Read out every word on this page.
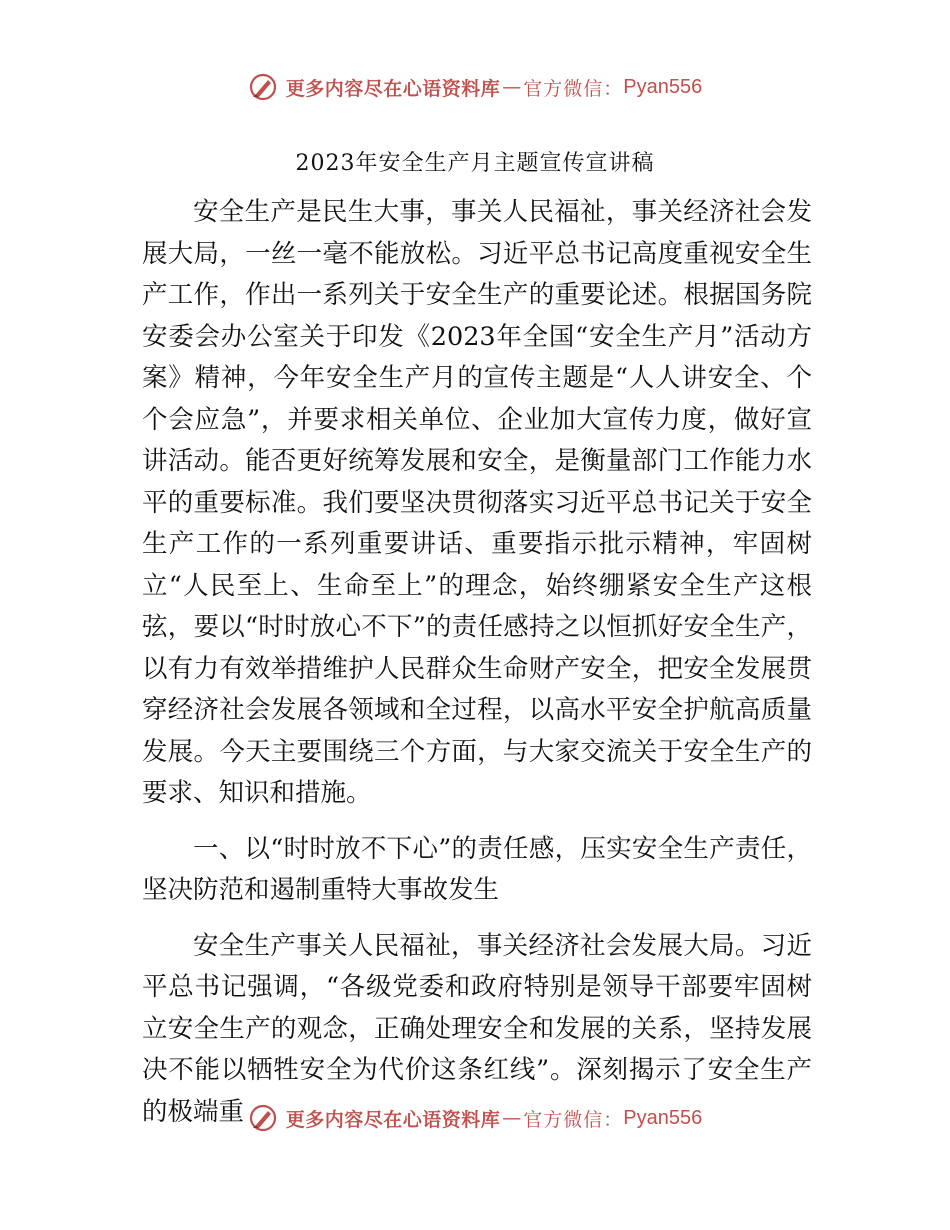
更多内容尽在心语资料库 — 官方微信： Pyan556
2023年安全生产月主题宣传宣讲稿

安全生产是民生大事，事关人民福祉，事关经济社会发展大局，一丝一毫不能放松。习近平总书记高度重视安全生产工作，作出一系列关于安全生产的重要论述。根据国务院安委会办公室关于印发《2023年全国“安全生产月”活动方案》精神，今年安全生产月的宣传主题是“人人讲安全、个个会应急”，并要求相关单位、企业加大宣传力度，做好宣讲活动。能否更好统筹发展和安全，是衡量部门工作能力水平的重要标准。我们要坚决贯彻落实习近平总书记关于安全生产工作的一系列重要讲话、重要指示批示精神，牢固树立“人民至上、生命至上”的理念，始终绷紧安全生产这根弦，要以“时时放心不下”的责任感持之以恒抓好安全生产，以有力有效举措维护人民群众生命财产安全，把安全发展贯穿经济社会发展各领域和全过程，以高水平安全护航高质量发展。今天主要围绕三个方面，与大家交流关于安全生产的要求、知识和措施。

一、以“时时放不下心”的责任感，压实安全生产责任，坚决防范和遏制重特大事故发生

安全生产事关人民福祉，事关经济社会发展大局。习近平总书记强调，“各级党委和政府特别是领导干部要牢固树立安全生产的观念，正确处理安全和发展的关系，坚持发展决不能以牺牲安全为代价这条红线”。深刻揭示了安全生产的极端重	更多内容尽在心语资料库 — 官方微信： Pyan556
